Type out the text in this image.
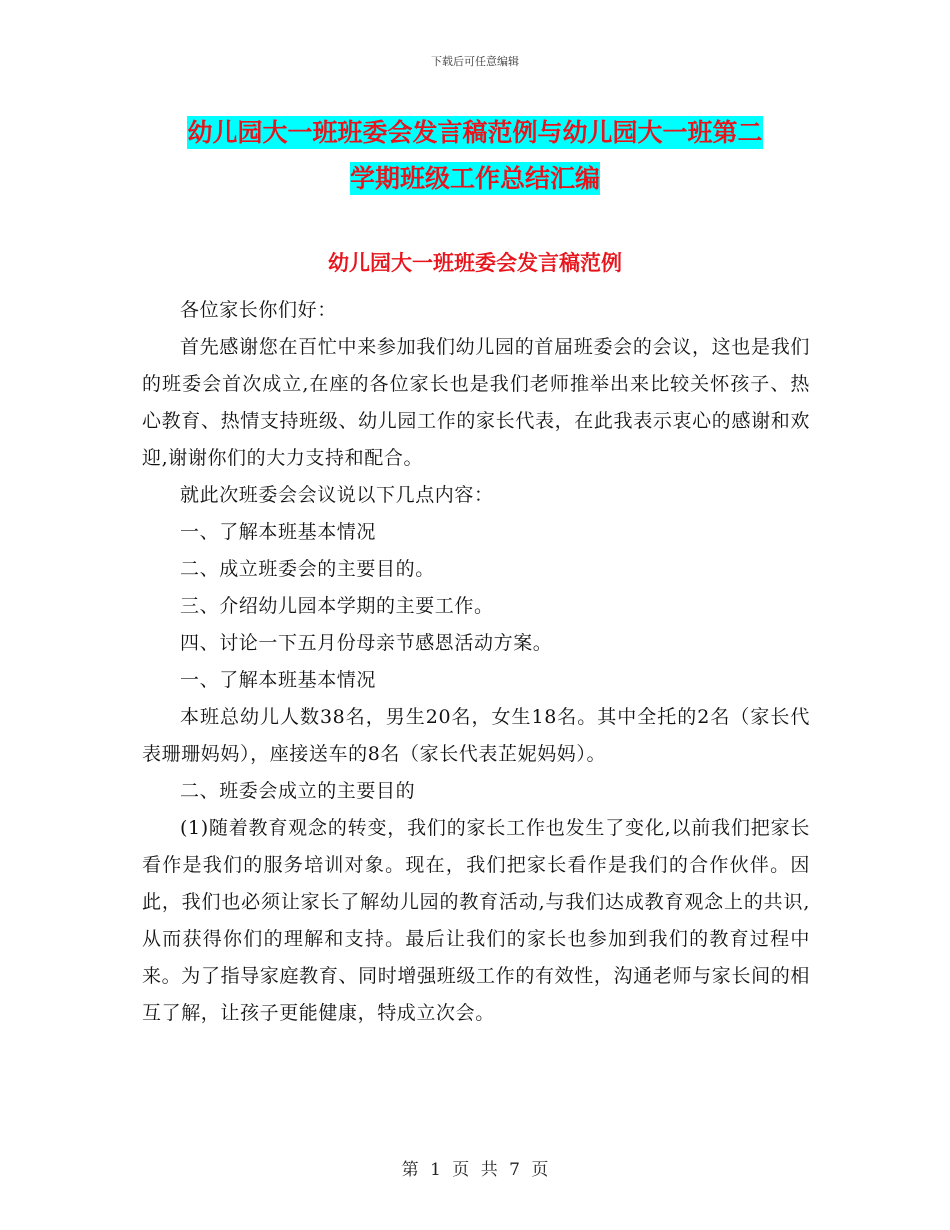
下载后可任意编辑
幼儿园大一班班委会发言稿范例与幼儿园大一班第二
学期班级工作总结汇编
幼儿园大一班班委会发言稿范例

各位家长你们好：

首先感谢您在百忙中来参加我们幼儿园的首届班委会的会议，这也是我们的班委会首次成立,在座的各位家长也是我们老师推举出来比较关怀孩子、热心教育、热情支持班级、幼儿园工作的家长代表，在此我表示衷心的感谢和欢迎,谢谢你们的大力支持和配合。

就此次班委会会议说以下几点内容：

一、了解本班基本情况

二、成立班委会的主要目的。

三、介绍幼儿园本学期的主要工作。

四、讨论一下五月份母亲节感恩活动方案。

一、了解本班基本情况

本班总幼儿人数38名，男生20名，女生18名。其中全托的2名（家长代表珊珊妈妈），座接送车的8名（家长代表芷妮妈妈）。

二、班委会成立的主要目的

(1)随着教育观念的转变，我们的家长工作也发生了变化,以前我们把家长看作是我们的服务培训对象。现在，我们把家长看作是我们的合作伙伴。因此，我们也必须让家长了解幼儿园的教育活动,与我们达成教育观念上的共识,从而获得你们的理解和支持。最后让我们的家长也参加到我们的教育过程中来。为了指导家庭教育、同时增强班级工作的有效性，沟通老师与家长间的相互了解，让孩子更能健康，特成立次会。

第 1 页 共 7 页
